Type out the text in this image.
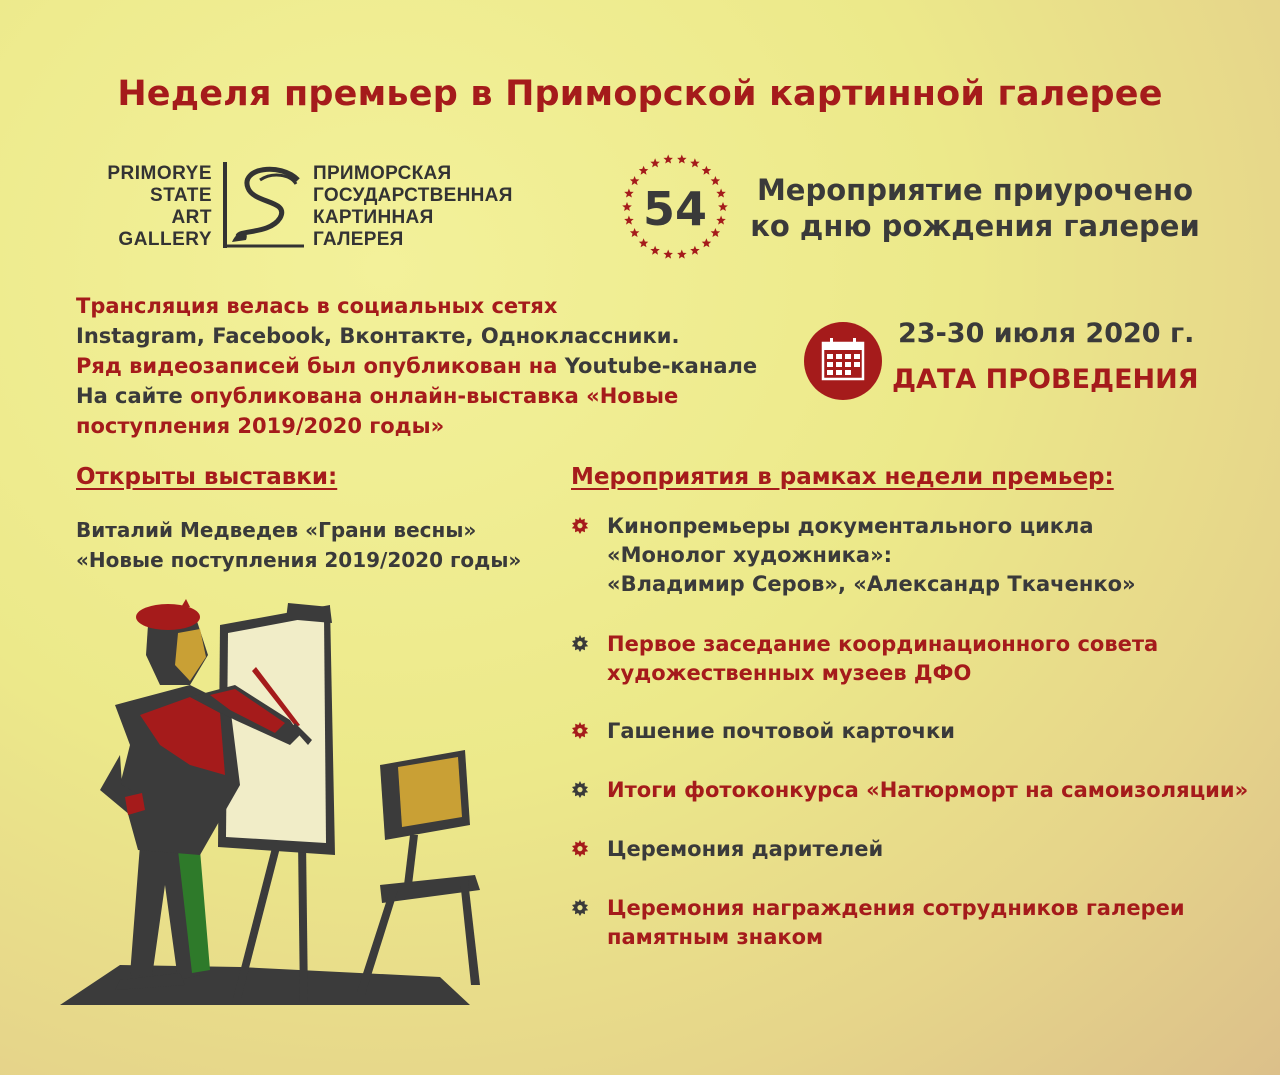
Неделя премьер в Приморской картинной галерее
PRIMORYE
STATE
ART
GALLERY
ПРИМОРСКАЯ
ГОСУДАРСТВЕННАЯ
КАРТИННАЯ
ГАЛЕРЕЯ
54	Мероприятие приурочено
ко дню рождения галереи
Трансляция велась в социальных сетях
Instagram, Facebook, Вконтакте, Одноклассники.
Ряд видеозаписей был опубликован на Youtube-канале
На сайте опубликована онлайн-выставка «Новые
поступления 2019/2020 годы»
23-30 июля 2020 г.
ДАТА ПРОВЕДЕНИЯ
Открыты выставки:
Виталий Медведев «Грани весны»
«Новые поступления 2019/2020 годы»
Мероприятия в рамках недели премьер:
Кинопремьеры документального цикла
«Монолог художника»:
«Владимир Серов», «Александр Ткаченко»
Первое заседание координационного совета
художественных музеев ДФО
Гашение почтовой карточки
Итоги фотоконкурса «Натюрморт на самоизоляции»
Церемония дарителей
Церемония награждения сотрудников галереи
памятным знаком
